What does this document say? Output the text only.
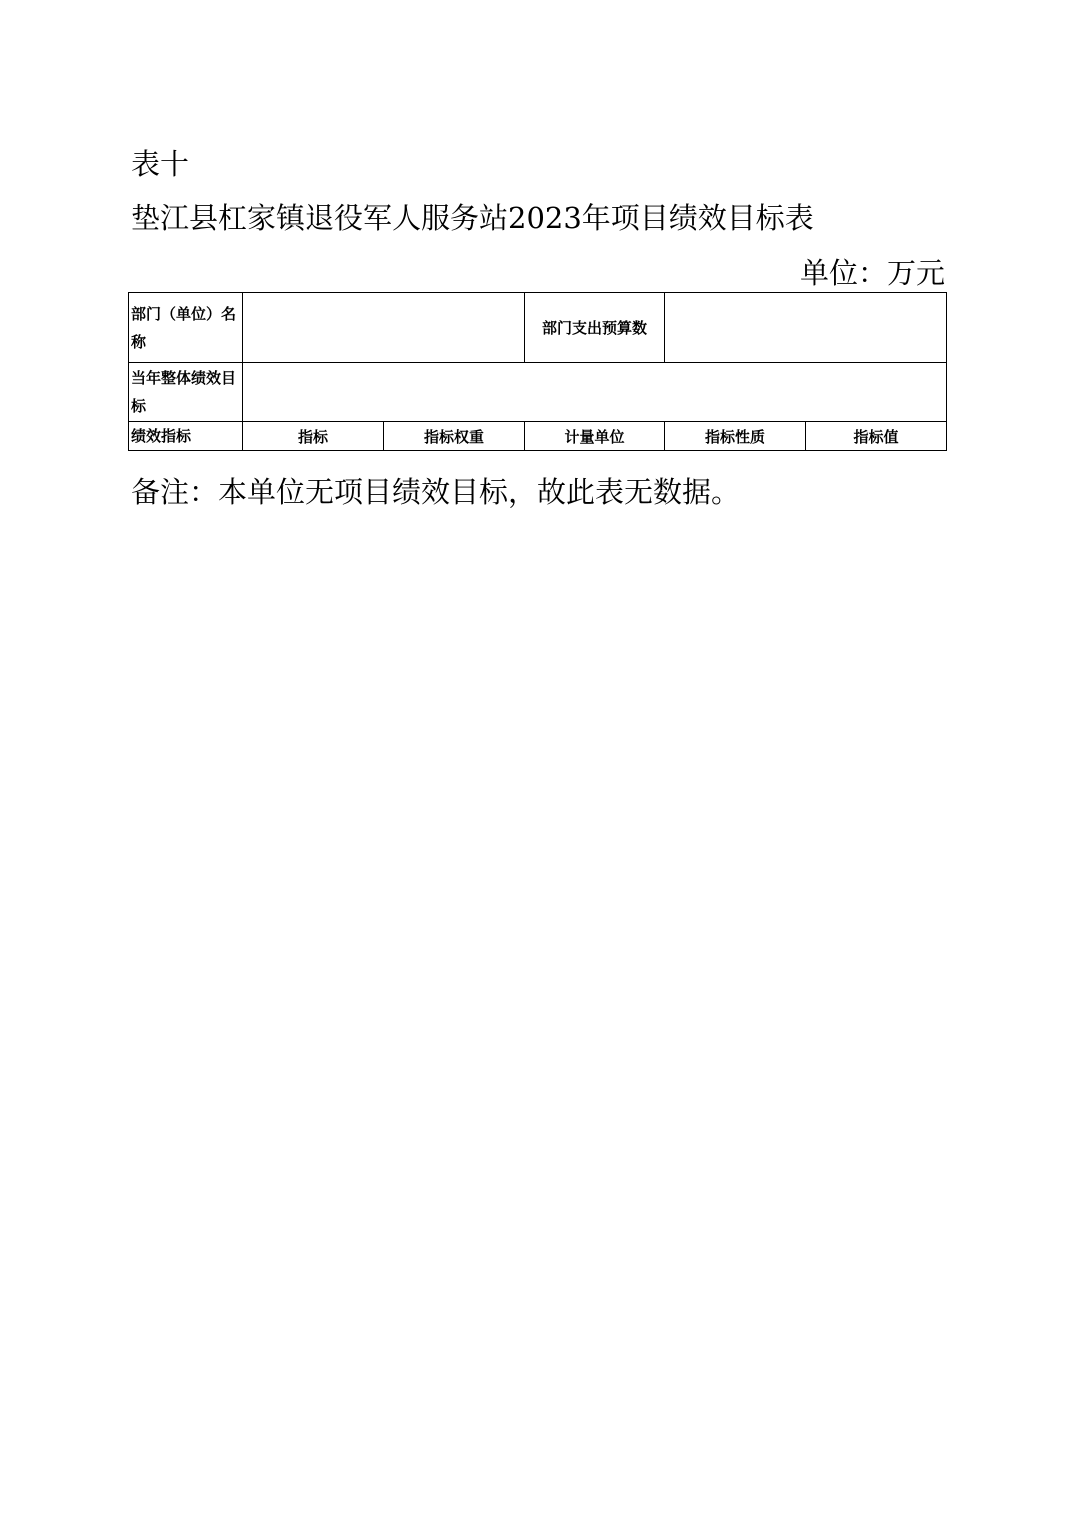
表十
垫江县杠家镇退役军人服务站2023年项目绩效目标表
单位：万元
部门（单位）名称			部门支出预算数		
当年整体绩效目标					
绩效指标	指标	指标权重	计量单位	指标性质	指标值
备注：本单位无项目绩效目标，故此表无数据。
